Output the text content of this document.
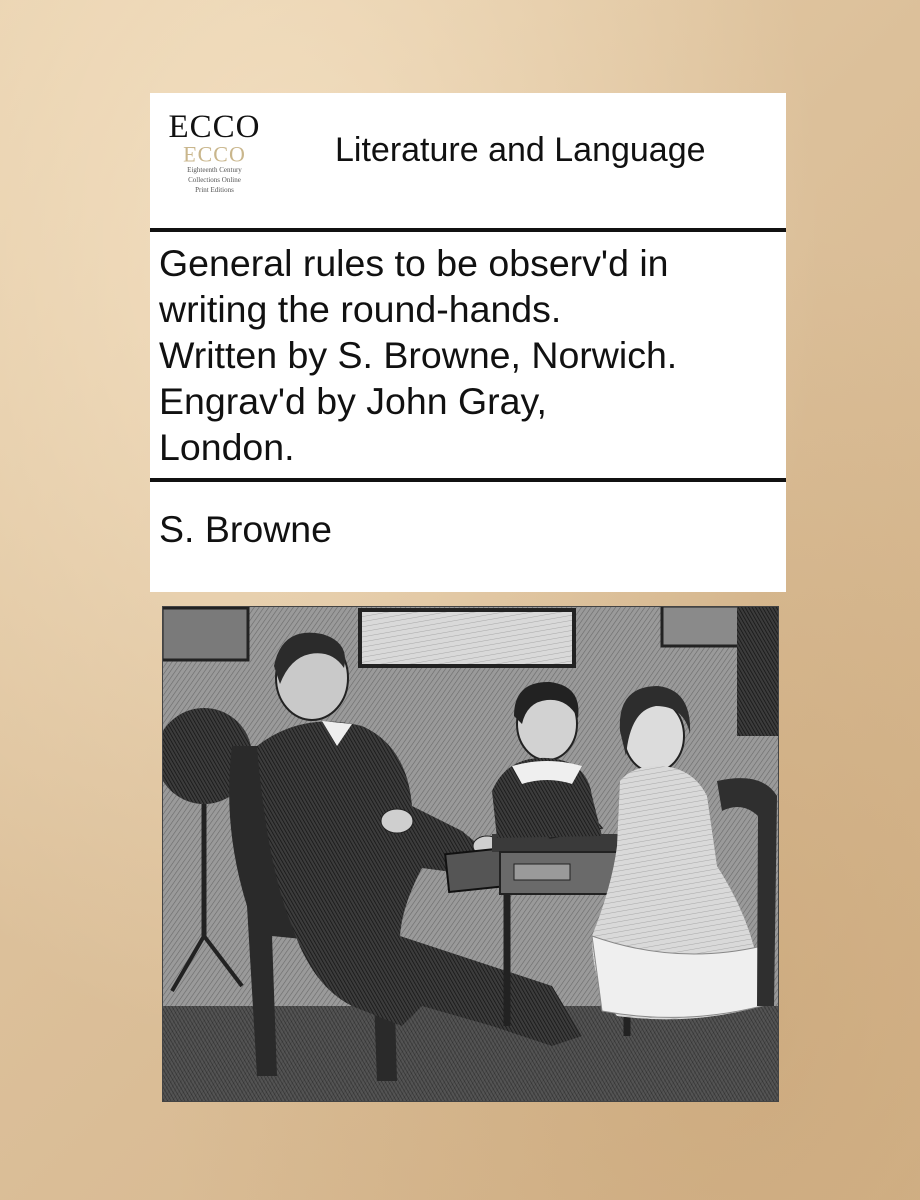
ECCO
ECCO
Eighteenth Century
Collections Online
Print Editions
Literature and Language
General rules to be observ'd in
writing the round-hands.
Written by S. Browne, Norwich.
Engrav'd by John Gray,
London.
S. Browne
